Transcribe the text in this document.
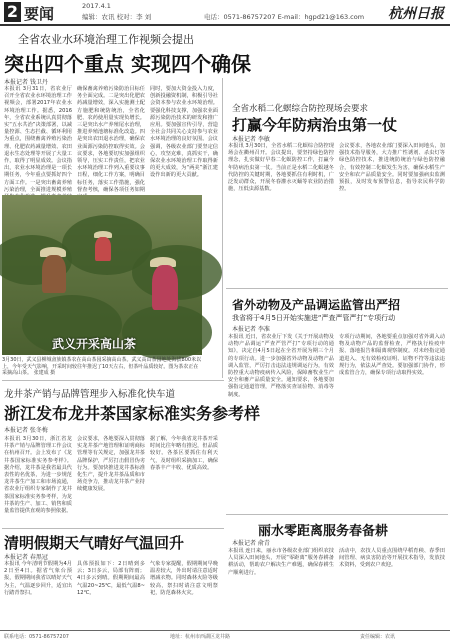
2 要闻	2017.4.1
编辑：农讯 校对：李 刘	电话：0571-86757207 E-mail：hgpd21@163.com 杭州日报
全省农业水环境治理工作视频会提出
突出四个重点 实现四个确保
本报记者 钱卫丹
本报讯 3月31日，省农业厅召开全省农业水环境治理工作视频会，部署2017年农业水环境治理工作。据悉，2016年，全省农业系统认真贯彻落实“五水共治”决策部署，以减量控源、生态拦截、循环利用为重点，围绕畜禽养殖污染治理、化肥农药减量增效、农田退水生态处理等开展了大量工作，取得了明显成效。会议指出，农业水环境治理是一项长期任务，今年重点要抓好四个方面工作。一是突出畜禽养殖污染治理，全面推进规模养殖
确保畜禽养殖污染防治目标任务全面完成。二是突出化肥农药减量增效，深入实施测土配方施肥和统防统治，全省化肥、农药使用量实现负增长。三是突出水产养殖尾水治理，推进养殖池塘标准化改造。四是突出农田退水治理，确保农业面源污染防控取得实效。会议要求，各地要切实加强组织领导，压实工作责任，把农业水环境治理工作列入重要议事日程，细化工作方案，明确目标任务，落实工作措施，强化督查考核，确保各项任务如期
同时，要加大资金投入力度，创新投融资机制，积极引导社会资本参与农业水环境治理。要强化科技支撑，加强农业面源污染防治技术的研发和推广应用。要加强宣传引导，营造全社会共同关心支持参与农业水环境治理的良好氛围。会议强调，各级农业部门要坚定信心，攻坚克难，真抓实干，确保农业水环境治理工作取得新的更大成效，为“两美”浙江建设作出新的更大贡献。
全省水稻二化螟综合防控现场会要求
打赢今年防病治虫第一仗
本报记者 李敏
本报讯 3月30日，全省水稻二化螟综合防控现场会在衢州召开。会议提出，要坚持绿色防控理念，扎实做好早春二化螟防控工作，打赢今年防病治虫第一仗。当前正是水稻二化螟越冬代防控的关键时期，各地要抓住有利时机，广泛发动群众，开展冬春灌水灭蛹等农业防治措施，压低虫源基数。
会议要求，各地农业部门要深入田间地头，加强技术指导服务，大力推广性诱剂、杀虫灯等绿色防控技术，推进统防统治与绿色防控融合，有效控制二化螟发生为害，确保水稻生产安全和农产品质量安全。同时要加强病虫监测预报，及时发布预警信息，指导农民科学防控。
省外动物及产品调运监管出严招
我省将于4月5日开始实施进“严查严管严打”专项行动
本报记者 李准
本报讯 近日，省农业厅下发《关于开展动物及动物产品调运“严查严管严打”专项行动的通知》，决定自4月5日起在全省开展为期三个月的专项行动。进一步加强省外动物及动物产品调入监管，严厉打击违法违规调运行为，有效防控重大动物疫病传入风险，保障畜牧业生产安全和畜产品质量安全。通知要求，各地要加强指定通道管理，严格落实查证验物、消毒等制度。
专项行动期间，各地要重点加强对省外调入动物及动物产品的监督检查，严格执行检疫申报、落地报告和隔离观察制度。对未经指定通道进入、无有效检疫证明、证物不符等违法违规行为，依法从严查处。要加强部门协作，形成监管合力，确保专项行动取得实效。
武义开采高山茶
3月30日，武义县柳城畲族镇茶农在高山茶园采摘高山茶。武义高山茶园地处海拔800米以上，今年受天气影响，开采时间较往年推迟了10天左右，但茶叶品质较好。图为茶农正在采摘高山茶。 张建成 摄
龙井茶产销与品牌管理步入标准化快车道
浙江发布龙井茶国家标准实务参考样
本报记者 张冬梅
本报讯 3月30日，浙江省龙井茶产销与品牌管理工作会议在杭州召开。会上发布了《龙井茶国家标准实务参考样》。据介绍，龙井茶是我省最具代表性的名优茶，为进一步规范龙井茶生产加工和市场流通，省农业厅组织专家制作了龙井茶国家标准实务参考样，为龙井茶的生产、加工、销售和质量监管提供直观的参照依据。
会议要求，各地要深入贯彻落实龙井茶产地管理和证明商标管理等有关规定，加强龙井茶品牌保护，严厉打击假冒伪劣行为。要加快推进龙井茶标准化生产，提升龙井茶品质和市场竞争力，推动龙井茶产业持续健康发展。
据了解，今年我省龙井茶开采时间比往年略有推迟，但品质较好。各茶区要抓住有利天气，及时组织采摘加工，确保春茶丰产丰收、优质高效。
清明假期天气晴好气温回升
本报记者 春黑冠
本报讯 今年清明节假期为4月2日至4日。据省气象台预报，假期期间我省以晴好天气为主，气温逐步回升，适宜出行踏青祭扫。
具体预报如下：2日晴到多云；3日多云，局部有阵雨；4日多云到晴。假期期间最高气温20~25℃，最低气温8~12℃。
气象专家提醒，假期期间早晚温差较大，外出时请注意适时增减衣物。同时森林火险等级较高，祭扫时请注意文明祭祀，防范森林火灾。
丽水零距离服务春备耕
本报记者 俞青
本报讯 连日来，丽水市各级农业部门组织农技人员深入田间地头，开展“零距离”服务春耕备耕活动，帮助农户解决生产难题，确保春耕生产顺利进行。
活动中，农技人员重点围绕早稻育秧、春季田间管理、病虫害防治等开展技术指导，发放技术资料，受到农户欢迎。
联系电话：0571-86757207	地址：杭州市西湖区龙井路	责任编辑：农讯
